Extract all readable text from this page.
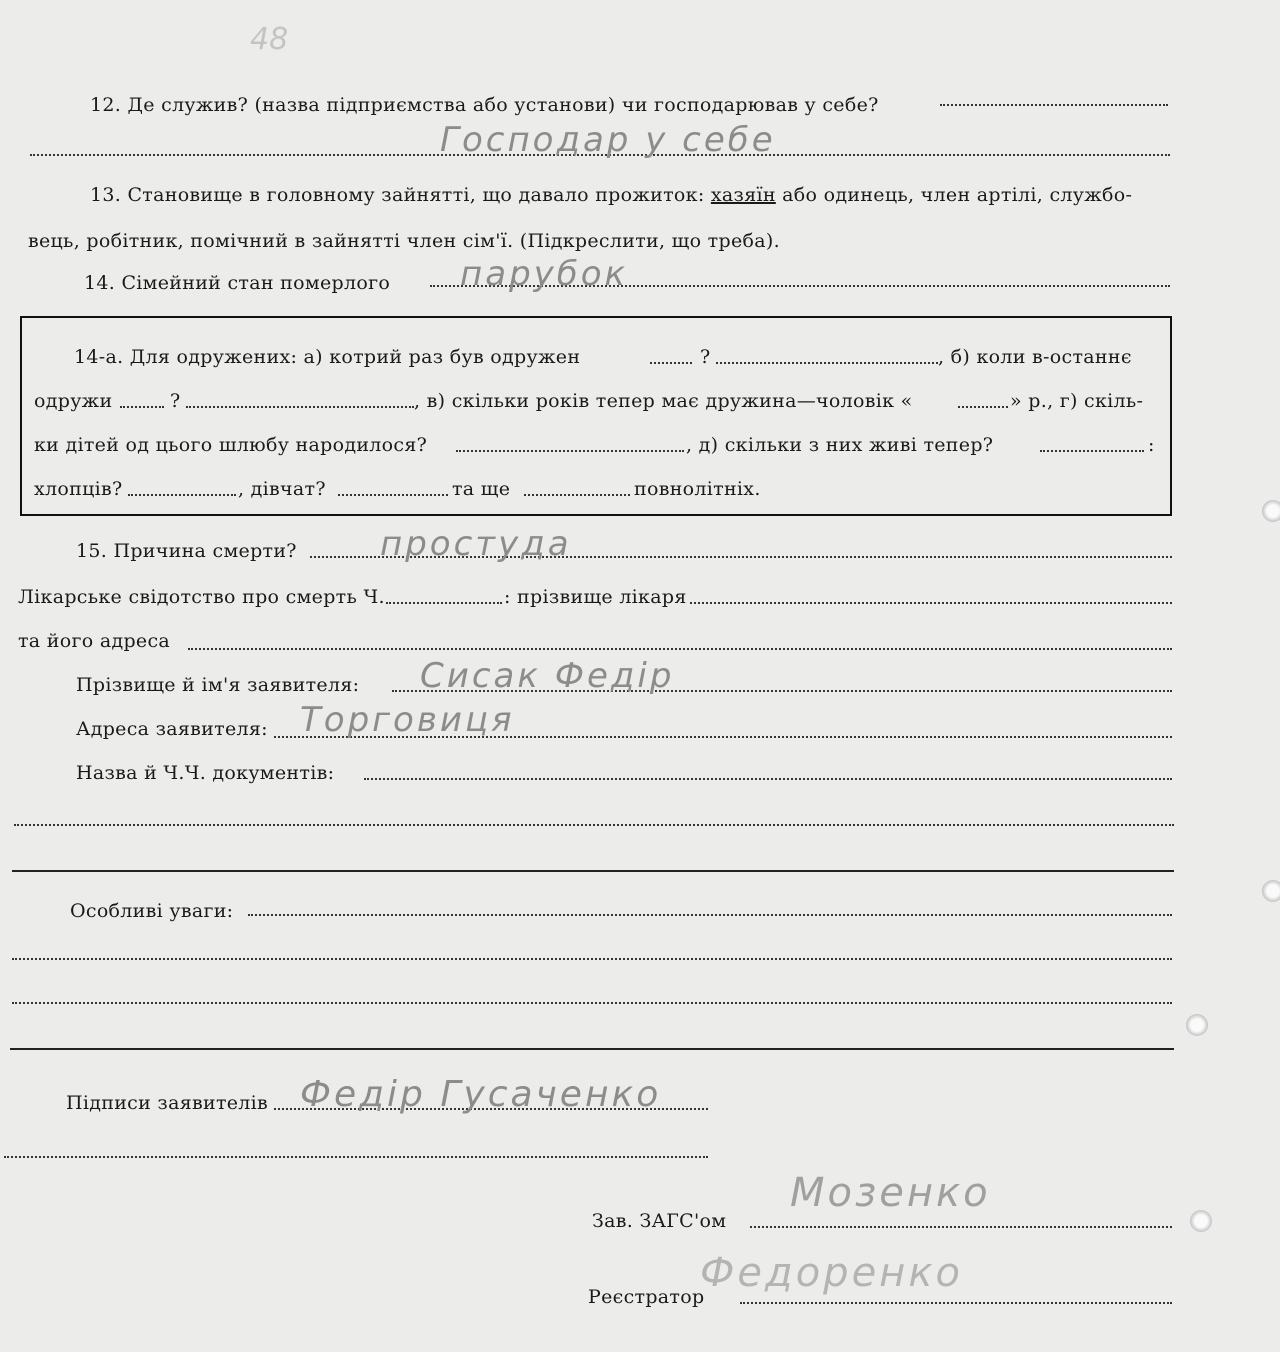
48
12. Де служив? (назва підприємства або установи) чи господарював у себе?
Господар у себе
13. Становище в головному зайнятті, що давало прожиток: хазяїн або одинець, член артілі, службо-
вець, робітник, помічний в зайнятті член сім'ї. (Підкреслити, що треба).
14. Сімейний стан померлого парубок
14-а. Для одружених: а) котрий раз був одружен	?	, б) коли в-останнє
одружи	?	, в) скільки років тепер має дружина—чоловік «	» р., г) скіль-
ки дітей од цього шлюбу народилося?	, д) скільки з них живі тепер?	:
хлопців?	, дівчат?	та ще	повнолітніх.
15. Причина смерти? простуда
Лікарське свідотство про смерть Ч.	: прізвище лікаря
та його адреса
Прізвище й ім'я заявителя: Сисак Федір
Адреса заявителя: Торговиця
Назва й Ч.Ч. документів:
Особливі уваги:
Підписи заявителів Федір Гусаченко
Зав. ЗАГС'ом
Мозенко
Реєстратор
Федоренко
